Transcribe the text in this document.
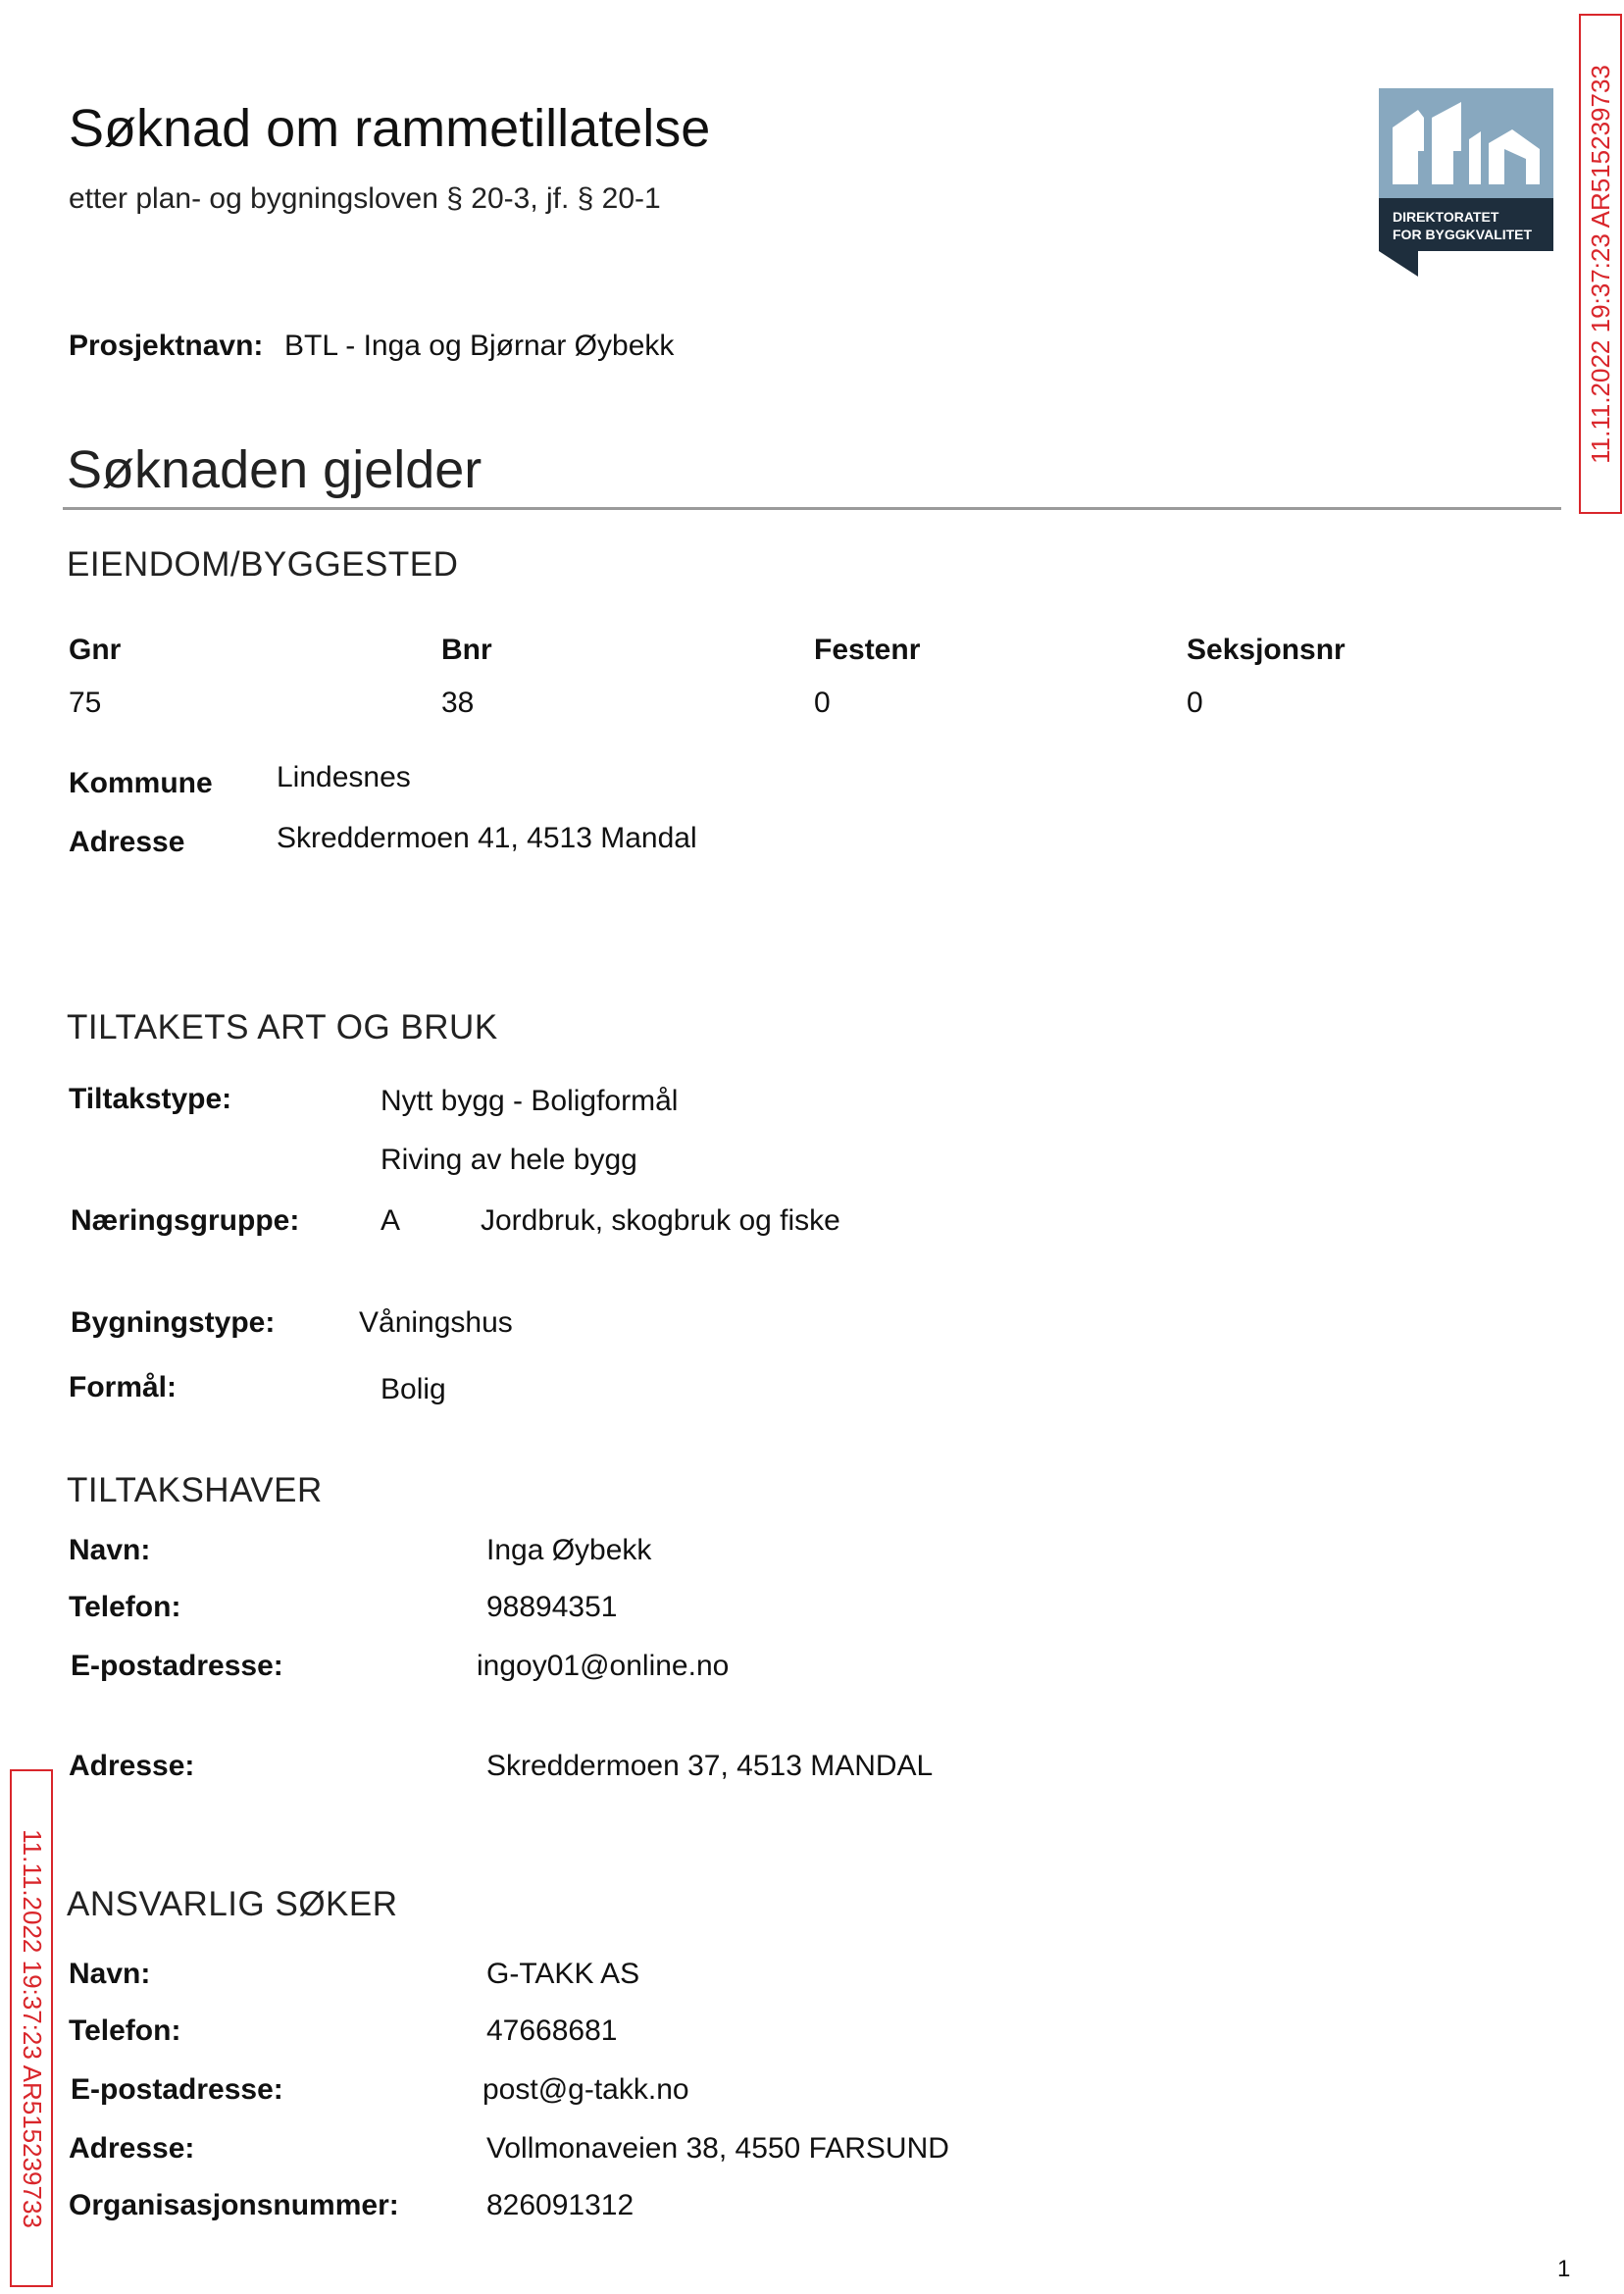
Søknad om rammetillatelse
etter plan- og bygningsloven § 20-3, jf. § 20-1
DIREKTORATET
FOR BYGGKVALITET
Prosjektnavn: BTL - Inga og Bjørnar Øybekk
Søknaden gjelder
EIENDOM/BYGGESTED
Gnr	Bnr	Festenr	Seksjonsnr
75	38	0	0
Kommune Lindesnes
Adresse	Skreddermoen 41, 4513 Mandal
TILTAKETS ART OG BRUK
Tiltakstype:	Nytt bygg - Boligformål
Riving av hele bygg
Næringsgruppe:	A	Jordbruk, skogbruk og fiske
Bygningstype:	Våningshus
Formål:	Bolig
TILTAKSHAVER
Navn:	Inga Øybekk
Telefon:	98894351
E-postadresse:	ingoy01@online.no
Adresse:	Skreddermoen 37, 4513 MANDAL
ANSVARLIG SØKER
Navn:	G-TAKK AS
Telefon:	47668681
E-postadresse:	post@g-takk.no
Adresse:	Vollmonaveien 38, 4550 FARSUND
Organisasjonsnummer:	826091312
11.11.2022 19:37:23 AR515239733
11.11.2022 19:37:23 AR515239733
1
